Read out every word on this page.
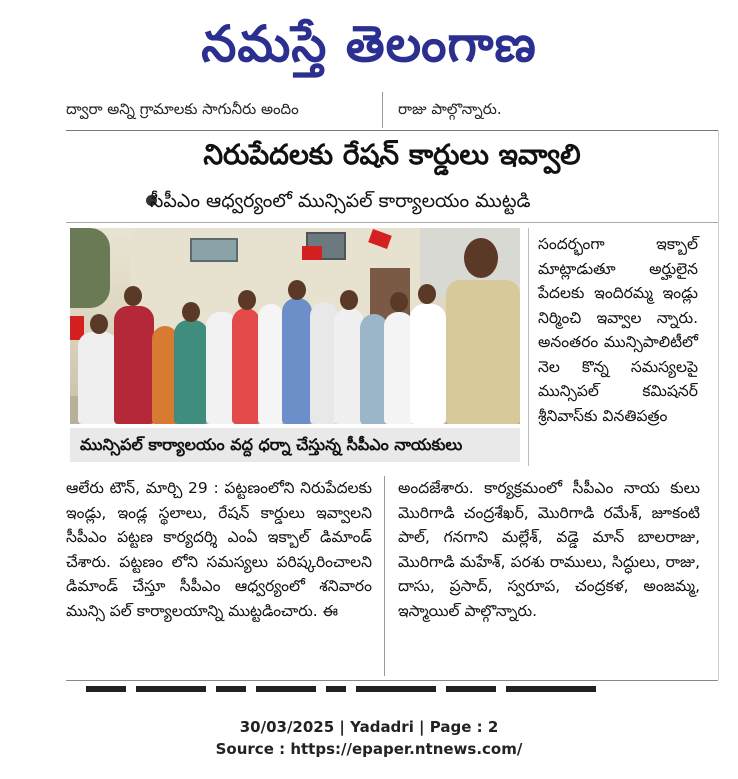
నమస్తే తెలంగాణ
ద్వారా అన్ని గ్రామాలకు సాగునీరు అందిం	రాజు పాల్గొన్నారు.
నిరుపేదలకు రేషన్ కార్డులు ఇవ్వాలి
సీపీఎం ఆధ్వర్యంలో మున్సిపల్ కార్యాలయం ముట్టడి
మున్సిపల్ కార్యాలయం వద్ద ధర్నా చేస్తున్న సీపీఎం నాయకులు

సందర్భంగా ఇక్బాల్ మాట్లాడుతూ అర్హులైన పేదలకు ఇందిరమ్మ ఇండ్లు నిర్మించి ఇవ్వాల న్నారు. అనంతరం మున్సిపాలిటీలో నెల కొన్న సమస్యలపై మున్సిపల్ కమిషనర్ శ్రీనివాస్‌కు వినతిపత్రం

ఆలేరు టౌన్, మార్చి 29 : పట్టణంలోని నిరుపేదలకు ఇండ్లు, ఇండ్ల స్థలాలు, రేషన్ కార్డులు ఇవ్వాలని సీపీఎం పట్టణ కార్యదర్శి ఎంఏ ఇక్బాల్ డిమాండ్ చేశారు. పట్టణం లోని సమస్యలు పరిష్కరించాలని డిమాండ్ చేస్తూ సీపీఎం ఆధ్వర్యంలో శనివారం మున్సి పల్ కార్యాలయాన్ని ముట్టడించారు. ఈ

అందజేశారు. కార్యక్రమంలో సీపీఎం నాయ కులు మొరిగాడి చంద్రశేఖర్, మొరిగాడి రమేశ్, జూకంటి పాల్, గనగాని మల్లేశ్, వడ్డె మాన్ బాలరాజు, మొరిగాడి మహేశ్, పరశు రాములు, సిద్ధులు, రాజు, దాసు, ప్రసాద్, స్వరూప, చంద్రకళ, అంజమ్మ, ఇస్మాయిల్ పాల్గొన్నారు.

30/03/2025 | Yadadri | Page : 2
Source : https://epaper.ntnews.com/
